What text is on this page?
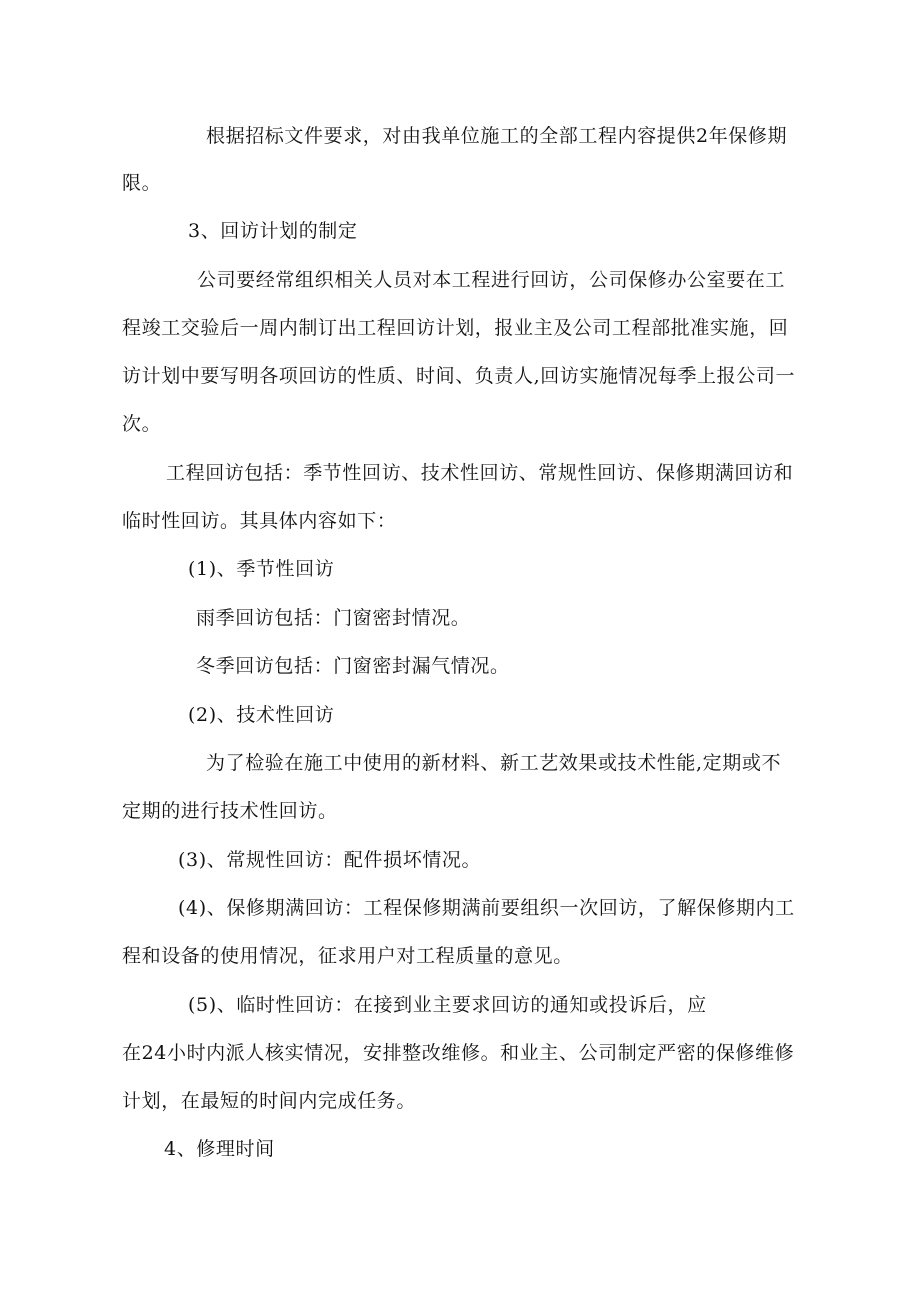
根据招标文件要求，对由我单位施工的全部工程内容提供2年保修期
限。
3、回访计划的制定
公司要经常组织相关人员对本工程进行回访，公司保修办公室要在工
程竣工交验后一周内制订出工程回访计划，报业主及公司工程部批准实施，回
访计划中要写明各项回访的性质、时间、负责人,回访实施情况每季上报公司一
次。
工程回访包括：季节性回访、技术性回访、常规性回访、保修期满回访和
临时性回访。其具体内容如下：
(1)、季节性回访
雨季回访包括：门窗密封情况。
冬季回访包括：门窗密封漏气情况。
(2)、技术性回访
为了检验在施工中使用的新材料、新工艺效果或技术性能,定期或不
定期的进行技术性回访。
(3)、常规性回访：配件损坏情况。
(4)、保修期满回访：工程保修期满前要组织一次回访，了解保修期内工
程和设备的使用情况，征求用户对工程质量的意见。
(5)、临时性回访：在接到业主要求回访的通知或投诉后，应
在24小时内派人核实情况，安排整改维修。和业主、公司制定严密的保修维修
计划，在最短的时间内完成任务。
4、修理时间
